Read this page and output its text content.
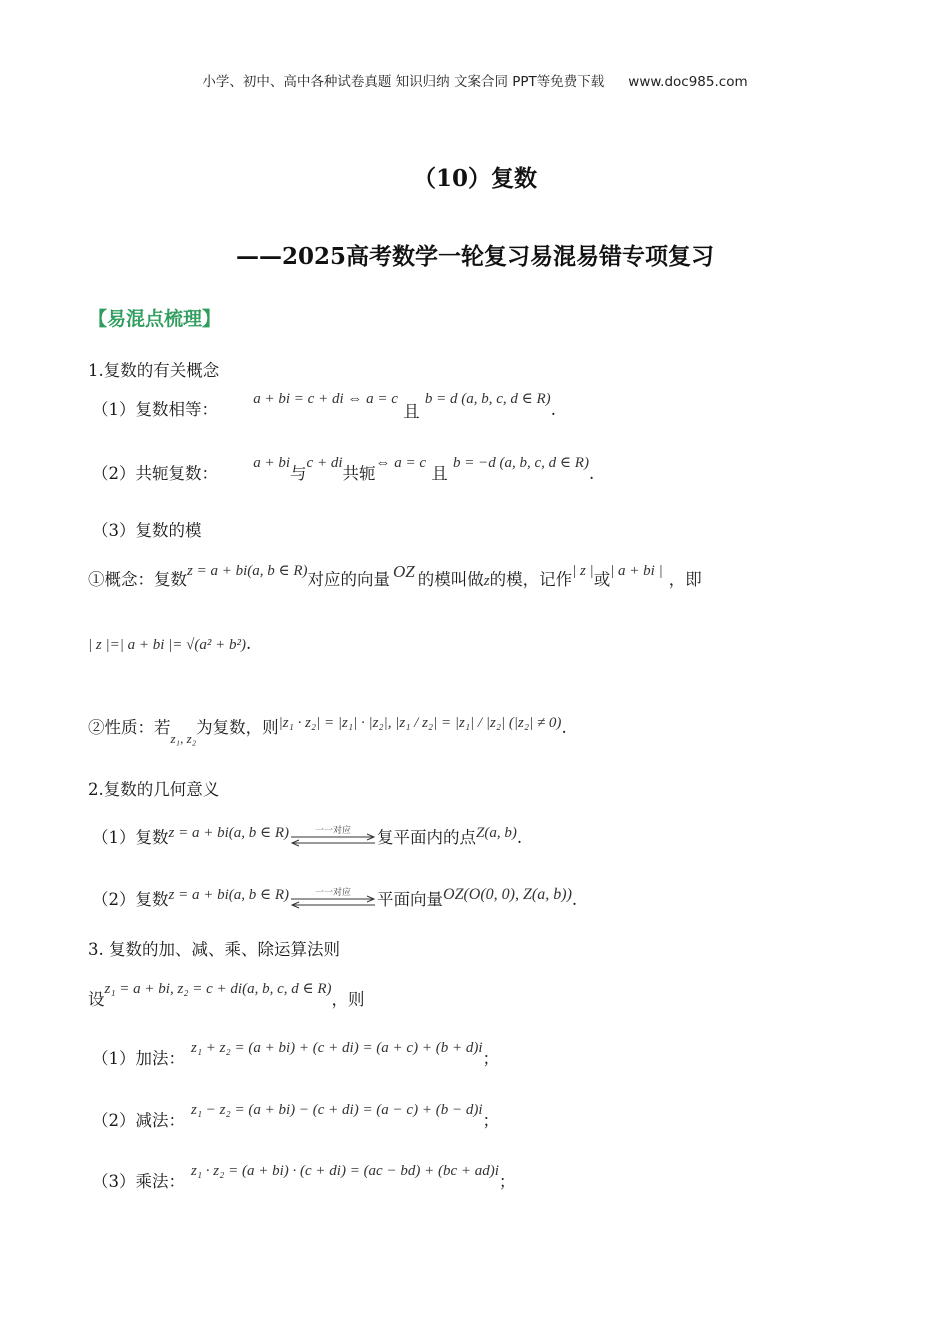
小学、初中、高中各种试卷真题 知识归纳 文案合同 PPT等免费下载 www.doc985.com
（10）复数
——2025高考数学一轮复习易混易错专项复习
【易混点梳理】
1.复数的有关概念
（1）复数相等： a + bi = c + di ⇔ a = c 且 b = d (a, b, c, d ∈ R).
（2）共轭复数： a + bi与c + di共轭⇔ a = c 且 b = −d (a, b, c, d ∈ R).
（3）复数的模
①概念：复数z = a + bi(a, b ∈ R)对应的向量 OZ 的模叫做z的模，记作| z |或| a + bi | ，即
| z |=| a + bi |= √(a² + b²).
②性质：若$_{z_1, z_2}$为复数，则|z₁ · z₂| = |z₁| · |z₂|, |z₁ / z₂| = |z₁| / |z₂| (|z₂| ≠ 0).
2.复数的几何意义
（1）复数z = a + bi(a, b ∈ R)	一一对应	复平面内的点Z(a, b).
（2）复数z = a + bi(a, b ∈ R)	一一对应	平面向量OZ(O(0, 0), Z(a, b)).
3. 复数的加、减、乘、除运算法则
设z₁ = a + bi, z₂ = c + di(a, b, c, d ∈ R)，则
（1）加法：z₁ + z₂ = (a + bi) + (c + di) = (a + c) + (b + d)i；
（2）减法：z₁ − z₂ = (a + bi) − (c + di) = (a − c) + (b − d)i；
（3）乘法：z₁ · z₂ = (a + bi) · (c + di) = (ac − bd) + (bc + ad)i；
